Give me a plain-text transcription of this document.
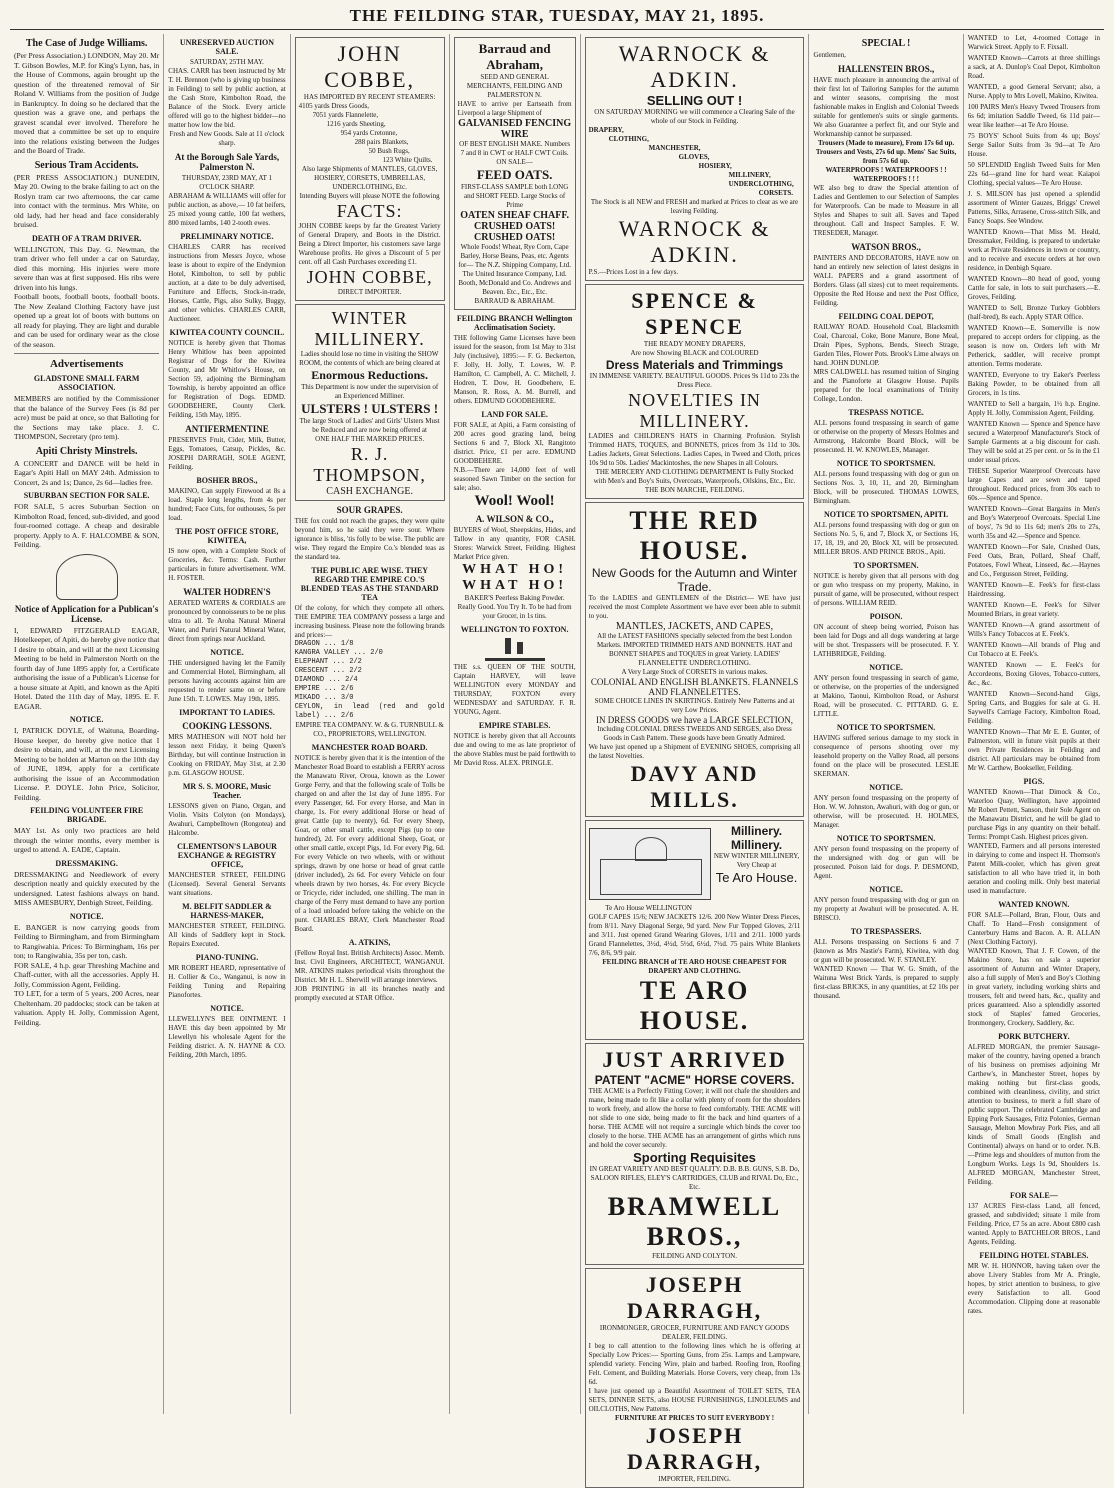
THE FEILDING STAR, TUESDAY, MAY 21, 1895.
The Case of Judge Williams.
(Per Press Association.) LONDON, May 20. Mr T. Gibson Bowles, M.P. for King's Lynn, has, in the House of Commons, again brought up the question of the threatened removal of Sir Roland V. Williams from the position of Judge in Bankruptcy. In doing so he declared that the question was a grave one, and perhaps the gravest scandal ever involved. Therefore he moved that a committee be set up to enquire into the relations existing between the Judges and the Board of Trade.
Serious Tram Accidents.
(PER PRESS ASSOCIATION.) DUNEDIN, May 20. Owing to the brake failing to act on the Roslyn tram car two afternoons, the car came into contact with the terminus. Mrs White, on old lady, had her head and face considerably bruised.
DEATH OF A TRAM DRIVER.
WELLINGTON, This Day. G. Newman, the tram driver who fell under a car on Saturday, died this morning. His injuries were more severe than was at first supposed. His ribs were driven into his lungs.
Football boots, football boots, football boots. The New Zealand Clothing Factory have just opened up a great lot of boots with buttons on all ready for playing. They are light and durable and can be used for ordinary wear as the close of the season.
Advertisements
GLADSTONE SMALL FARM ASSOCIATION.
MEMBERS are notified by the Commissioner that the balance of the Survey Fees (is 8d per acre) must be paid at once, so that Balloting for the Sections may take place. J. C. THOMPSON, Secretary (pro tem).
Apiti Christy Minstrels.
A CONCERT and DANCE will be held in Eagar's Apiti Hall on MAY 24th. Admission to Concert, 2s and 1s; Dance, 2s 6d—ladies free.
SUBURBAN SECTION FOR SALE.
FOR SALE, 5 acres Suburban Section on Kimbolton Road, fenced, sub-divided, and good four-roomed cottage. A cheap and desirable property. Apply to A. F. HALCOMBE & SON, Feilding.
Notice of Application for a Publican's License.
I, EDWARD FITZGERALD EAGAR, Hotelkeeper, of Apiti, do hereby give notice that I desire to obtain, and will at the next Licensing Meeting to be held in Palmerston North on the fourth day of June 1895 apply for, a Certificate authorising the issue of a Publican's License for a house situate at Apiti, and known as the Apiti Hotel. Dated the 11th day of May, 1895. E. F. EAGAR.
NOTICE.
I, PATRICK DOYLE, of Waituna, Boarding-House keeper, do hereby give notice that I desire to obtain, and will, at the next Licensing Meeting to be holden at Marton on the 10th day of JUNE, 1894, apply for a certificate authorising the issue of an Accommodation License. P. DOYLE. John Price, Solicitor, Feilding.
FEILDING VOLUNTEER FIRE BRIGADE.
MAY 1st. As only two practices are held through the winter months, every member is urged to attend. A. EADE, Captain.
DRESSMAKING.
DRESSMAKING and Needlework of every description neatly and quickly executed by the undersigned. Latest fashions always on hand. MISS AMESBURY, Denbigh Street, Feilding.
NOTICE.
E. BANGER is now carrying goods from Feilding to Birmingham, and from Birmingham to Rangiwahia. Prices: To Birmingham, 16s per ton; to Rangiwahia, 35s per ton, cash.
FOR SALE, 4 h.p. gear Threshing Machine and Chaff-cutter, with all the accessories. Apply H. Jolly, Commission Agent, Feilding.
TO LET, for a term of 5 years, 200 Acres, near Cheltenham. 20 paddocks; stock can be taken at valuation. Apply H. Jolly, Commission Agent, Feilding.
UNRESERVED AUCTION SALE.
SATURDAY, 25TH MAY.
CHAS. CARR has been instructed by Mr T. H. Brennon (who is giving up business in Feilding) to sell by public auction, at the Cash Store, Kimbolton Road, the Balance of the Stock. Every article offered will go to the highest bidder—no matter how low the bid.
Fresh and New Goods. Sale at 11 o'clock sharp.
At the Borough Sale Yards, Palmerston N.
THURSDAY, 23RD MAY, AT 1 O'CLOCK SHARP.
ABRAHAM & WILLIAMS will offer for public auction, as above,— 10 fat heifers, 25 mixed young cattle, 100 fat wethers, 800 mixed lambs, 140 2-tooth ewes.
PRELIMINARY NOTICE.
CHARLES CARR has received instructions from Messrs Joyce, whose lease is about to expire of the Endymion Hotel, Kimbolton, to sell by public auction, at a date to be duly advertised, Furniture and Effects, Stock-in-trade, Horses, Cattle, Pigs, also Sulky, Buggy, and other vehicles. CHARLES CARR, Auctioneer.
KIWITEA COUNTY COUNCIL.
NOTICE is hereby given that Thomas Henry Whitlow has been appointed Registrar of Dogs for the Kiwitea County, and Mr Whitlow's House, on Section 59, adjoining the Birmingham Township, is hereby appointed an office for Registration of Dogs. EDMD. GOODBEHERE, County Clerk. Feilding, 15th May, 1895.
ANTIFERMENTINE
PRESERVES Fruit, Cider, Milk, Butter, Eggs, Tomatoes, Catsup, Pickles, &c. JOSEPH DARRAGH, SOLE AGENT, Feilding.
BOSHER BROS.,
MAKINO, Can supply Firewood at 8s a load. Staple long lengths, from 4s per hundred; Face Cuts, for outhouses, 5s per load.
THE POST OFFICE STORE, KIWITEA,
IS now open, with a Complete Stock of Groceries, &c. Terms: Cash. Further particulars in future advertisement. WM. H. FOSTER.
WALTER HODREN'S
AERATED WATERS & CORDIALS are pronounced by connoisseurs to be ne plus ultra to all. Te Aroha Natural Mineral Water, and Puriri Natural Mineral Water, direct from springs near Auckland.
NOTICE.
THE undersigned having let the Family and Commercial Hotel, Birmingham, all persons having accounts against him are requested to render same on or before June 15th. T. LOWES. May 19th, 1895.
IMPORTANT TO LADIES.
COOKING LESSONS.
MRS MATHESON will NOT hold her lesson next Friday, it being Queen's Birthday, but will continue Instruction in Cooking on FRIDAY, May 31st, at 2.30 p.m. GLASGOW HOUSE.
MR S. S. MOORE, Music Teacher.
LESSONS given on Piano, Organ, and Violin. Visits Colyton (on Mondays), Awahuri, Campbelltown (Rongotea) and Halcombe.
CLEMENTSON'S LABOUR EXCHANGE & REGISTRY OFFICE,
MANCHESTER STREET, FEILDING (Licensed). Several General Servants want situations.
M. BELFIT SADDLER & HARNESS-MAKER,
MANCHESTER STREET, FEILDING. All kinds of Saddlery kept in Stock. Repairs Executed.
PIANO-TUNING.
MR ROBERT HEARD, representative of H. Collier & Co., Wanganui, is now in Feilding Tuning and Repairing Pianofortes.
NOTICE.
LLEWELLYN'S BEE OINTMENT. I HAVE this day been appointed by Mr Llewellyn his wholesale Agent for the Feilding district. A. N. HAYNE & CO. Feilding, 20th March, 1895.
JOHN COBBE,
HAS IMPORTED BY RECENT STEAMERS:
4105 yards Dress Goods,
7051 yards Flannelette,
1216 yards Sheeting,
954 yards Cretonne,
288 pairs Blankets,
50 Bush Rugs,
123 White Quilts.
Also large Shipments of MANTLES, GLOVES, HOSIERY, CORSETS, UMBRELLAS, UNDERCLOTHING, Etc.
Intending Buyers will please NOTE the following
FACTS:
JOHN COBBE keeps by far the Greatest Variety of General Drapery, and Boots in the District. Being a Direct Importer, his customers save large Warehouse profits. He gives a Discount of 5 per cent. off all Cash Purchases exceeding £1.
JOHN COBBE,
DIRECT IMPORTER.
WINTER MILLINERY.
Ladies should lose no time in visiting the SHOW ROOM, the contents of which are being cleared at
Enormous Reductions.
This Department is now under the supervision of an Experienced Milliner.
ULSTERS ! ULSTERS !
The large Stock of Ladies' and Girls' Ulsters Must be Reduced and are now being offered at
ONE HALF THE MARKED PRICES.
R. J. THOMPSON,
CASH EXCHANGE.
SOUR GRAPES.
THE fox could not reach the grapes, they were quite beyond him, so he said they were sour. Where ignorance is bliss, 'tis folly to be wise. The public are wise. They regard the Empire Co.'s blended teas as the standard tea.
THE PUBLIC ARE WISE. THEY REGARD THE EMPIRE CO.'S BLENDED TEAS AS THE STANDARD TEA
Of the colony, for which they compete all others. THE EMPIRE TEA COMPANY possess a large and increasing business. Please note the following brands and prices:—
DRAGON ... 1/8
KANGRA VALLEY ... 2/0
ELEPHANT ... 2/2
CRESCENT ... 2/2
DIAMOND ... 2/4
EMPIRE ... 2/6
MIKADO ... 3/0
CEYLON, in lead (red and gold label) ... 2/6
EMPIRE TEA COMPANY. W. & G. TURNBULL & CO., PROPRIETORS, WELLINGTON.
MANCHESTER ROAD BOARD.
NOTICE is hereby given that it is the intention of the Manchester Road Board to establish a FERRY across the Manawatu River, Oroua, known as the Lower Gorge Ferry, and that the following scale of Tolls be charged on and after the 1st day of June 1895. For every Passenger, 6d. For every Horse, and Man in charge, 1s. For every additional Horse or head of great Cattle (up to twenty), 6d. For every Sheep, Goat, or other small cattle, except Pigs (up to one hundred), 2d. For every additional Sheep, Goat, or other small cattle, except Pigs, 1d. For every Pig, 6d. For every Vehicle on two wheels, with or without springs, drawn by one horse or head of great cattle (driver included), 2s 6d. For every Vehicle on four wheels drawn by two horses, 4s. For every Bicycle or Tricycle, rider included, one shilling. The man in charge of the Ferry must demand to have any portion of a load unloaded before taking the vehicle on the punt. CHARLES BRAY, Clerk Manchester Road Board.
A. ATKINS,
(Fellow Royal Inst. British Architects) Assoc. Memb. Inst. Civil Engineers, ARCHITECT, WANGANUI. MR. ATKINS makes periodical visits throughout the District. Mr H. L. Sherwill will arrange interviews.
JOB PRINTING in all its branches neatly and promptly executed at STAR Office.
Barraud and Abraham,
SEED AND GENERAL MERCHANTS, FEILDING AND PALMERSTON N.
HAVE to arrive per Eartseath from Liverpool a large Shipment of
GALVANISED FENCING WIRE
OF BEST ENGLISH MAKE. Numbers 7 and 8 in CWT or HALF CWT Coils.
ON SALE—
FEED OATS.
FIRST-CLASS SAMPLE both LONG and SHORT FEED. Large Stocks of Prime
OATEN SHEAF CHAFF.
CRUSHED OATS!
CRUSHED OATS!
Whole Foods! Wheat, Rye Corn, Cape Barley, Horse Beans, Peas, etc. Agents for— The N.Z. Shipping Company, Ltd. The United Insurance Company, Ltd. Booth, McDonald and Co. Andrews and Beaven. Etc., Etc., Etc.
BARRAUD & ABRAHAM.
FEILDING BRANCH Wellington Acclimatisation Society.
THE following Game Licenses have been issued for the season, from 1st May to 31st July (inclusive), 1895:— F. G. Beckerton, F. Jolly, H. Jolly, T. Lowes, W. P. Hamilton, C. Campbell, A. C. Mitchell, J. Hodren, T. Dow, H. Goodbehere, E. Manson, R. Ross, A. M. Burrell, and others. EDMUND GOODBEHERE.
LAND FOR SALE.
FOR SALE, at Apiti, a Farm consisting of 200 acres good grazing land, being Sections 6 and 7, Block XI, Rangitoto district. Price, £1 per acre. EDMUND GOODBEHERE.
N.B.—There are 14,000 feet of well seasoned Sawn Timber on the section for sale; also.
Wool! Wool!
A. WILSON & CO.,
BUYERS of Wool, Sheepskins, Hides, and Tallow in any quantity, FOR CASH. Stores: Warwick Street, Feilding. Highest Market Price given.
WHAT HO! WHAT HO!
BAKER'S Peerless Baking Powder.
Really Good. You Try It. To be had from your Grocer, in 1s tins.
WELLINGTON TO FOXTON.
THE s.s. QUEEN OF THE SOUTH, Captain HARVEY, will leave WELLINGTON every MONDAY and THURSDAY, FOXTON every WEDNESDAY and SATURDAY. F. R. YOUNG, Agent.
EMPIRE STABLES.
NOTICE is hereby given that all Accounts due and owing to me as late proprietor of the above Stables must be paid forthwith to Mr David Ross. ALEX. PRINGLE.
WARNOCK & ADKIN.
SELLING OUT !
ON SATURDAY MORNING we will commence a Clearing Sale of the whole of our Stock in Feilding.
DRAPERY,
CLOTHING,
MANCHESTER,
GLOVES,
HOSIERY,
MILLINERY,
UNDERCLOTHING,
CORSETS.
The Stock is all NEW and FRESH and marked at Prices to clear as we are leaving Feilding.
WARNOCK & ADKIN.
P.S.—Prices Lost in a few days.
SPENCE & SPENCE
THE READY MONEY DRAPERS,
Are now Showing BLACK and COLOURED
Dress Materials and Trimmings
IN IMMENSE VARIETY. BEAUTIFUL GOODS. Prices 9s 11d to 23s the Dress Piece.
NOVELTIES IN MILLINERY.
LADIES and CHILDREN'S HATS in Charming Profusion. Stylish Trimmed HATS, TOQUES, and BONNETS, prices from 3s 11d to 30s. Ladies Jackets, Great Selections. Ladies Capes, in Tweed and Cloth, prices 10s 9d to 50s. Ladies' Mackintoshes, the new Shapes in all Colours.
THE MERCERY AND CLOTHING DEPARTMENT Is Fully Stocked with Men's and Boy's Suits, Overcoats, Waterproofs, Oilskins, Etc., Etc.
THE BON MARCHE, FEILDING.
THE RED HOUSE.
New Goods for the Autumn and Winter Trade.
To the LADIES and GENTLEMEN of the District— WE have just received the most Complete Assortment we have ever been able to submit to you.
MANTLES, JACKETS, AND CAPES,
All the LATEST FASHIONS specially selected from the best London Markets. IMPORTED TRIMMED HATS AND BONNETS. HAT and BONNET SHAPES and TOQUES in great Variety. LADIES' FLANNELETTE UNDERCLOTHING.
A Very Large Stock of CORSETS in various makes.
COLONIAL AND ENGLISH BLANKETS. FLANNELS AND FLANNELETTES.
SOME CHOICE LINES IN SKIRTINGS. Entirely New Patterns and at very Low Prices.
IN DRESS GOODS we have a LARGE SELECTION,
Including COLONIAL DRESS TWEEDS AND SERGES, also Dress Goods in Cash Pattern. These goods have been Greatly Admired.
We have just opened up a Shipment of EVENING SHOES, comprising all the latest Novelties.
DAVY AND MILLS.
Te Aro House WELLINGTON
Millinery. Millinery.
NEW WINTER MILLINERY,
Very Cheap at
Te Aro House.
GOLF CAPES 15/6; NEW JACKETS 12/6. 200 New Winter Dress Pieces, from 8/11. Navy Diagonal Serge, 9d yard. New Fur Topped Gloves, 2/11 and 3/11. Just opened Grand Wearing Gloves, 1/11 and 2/11. 1000 yards Grand Flannelettes, 3½d, 4½d, 5½d, 6½d, 7½d. 75 pairs White Blankets 7/6, 8/6, 9/9 pair.
FEILDING BRANCH of TE ARO HOUSE CHEAPEST FOR DRAPERY AND CLOTHING.
TE ARO HOUSE.
JUST ARRIVED
PATENT "ACME" HORSE COVERS.
THE ACME is a Perfectly Fitting Cover; it will not chafe the shoulders and mane, being made to fit like a collar with plenty of room for the shoulders to work freely, and allow the horse to feed comfortably. THE ACME will not slide to one side, being made to fit the back and hind quarters of a horse. THE ACME will not require a surcingle which binds the cover too closely to the horse. THE ACME has an arrangement of girths which runs and hold the cover securely.
Sporting Requisites
IN GREAT VARIETY AND BEST QUALITY. D.B. B.B. GUNS, S.B. Do, SALOON RIFLES, ELEY'S CARTRIDGES, CLUB and RIVAL Do, Etc., Etc.
BRAMWELL BROS.,
FEILDING AND COLYTON.
JOSEPH DARRAGH,
IRONMONGER, GROCER, FURNITURE AND FANCY GOODS DEALER, FEILDING.
I beg to call attention to the following lines which he is offering at Specially Low Prices:— Sporting Guns, from 25s. Lamps and Lampware, splendid variety. Fencing Wire, plain and barbed. Roofing Iron, Roofing Felt. Cement, and Building Materials. Horse Covers, very cheap, from 13s 6d.
I have just opened up a Beautiful Assortment of TOILET SETS, TEA SETS, DINNER SETS, also HOUSE FURNISHINGS, LINOLEUMS and OILCLOTHS, New Patterns.
FURNITURE AT PRICES TO SUIT EVERYBODY !
JOSEPH DARRAGH,
IMPORTER, FEILDING.
SPECIAL !
Gentlemen,
HALLENSTEIN BROS.,
HAVE much pleasure in announcing the arrival of their first lot of Tailoring Samples for the autumn and winter seasons, comprising the most fashionable makes in English and Colonial Tweeds suitable for gentlemen's suits or single garments. We also Guarantee a perfect fit, and our Style and Workmanship cannot be surpassed.
Trousers (Made to measure), From 17s 6d up. Trousers and Vests, 27s 6d up. Mens' Sac Suits, from 57s 6d up.
WATERPROOFS ! WATERPROOFS ! ! WATERPROOFS ! ! !
WE also beg to draw the Special attention of Ladies and Gentlemen to our Selection of Samples for Waterproofs. Can be made to Measure in all Styles and Shapes to suit all. Saves and Taped throughout. Call and Inspect Samples. F. W. TRESEDER, Manager.
WATSON BROS.,
PAINTERS AND DECORATORS, HAVE now on hand an entirely new selection of latest designs in WALL PAPERS and a grand assortment of Borders. Glass (all sizes) cut to meet requirements. Opposite the Red House and next the Post Office, Feilding.
FEILDING COAL DEPOT,
RAILWAY ROAD. Household Coal, Blacksmith Coal, Charcoal, Coke, Bone Manure, Bone Meal, Drain Pipes, Syphons, Bends, Steech Strage, Garden Tiles, Flower Pots. Brook's Lime always on hand. JOHN DUNLOP.
MRS CALDWELL has resumed tuition of Singing and the Pianoforte at Glasgow House. Pupils prepared for the local examinations of Trinity College, London.
TRESPASS NOTICE.
ALL persons found trespassing in search of game or otherwise on the property of Messrs Holmes and Armstrong, Halcombe Board Block, will be prosecuted. H. W. KNOWLES, Manager.
NOTICE TO SPORTSMEN.
ALL persons found trespassing with dog or gun on Sections Nos. 3, 10, 11, and 20, Birmingham Block, will be prosecuted. THOMAS LOWES, Birmingham.
NOTICE TO SPORTSMEN, APITI.
ALL persons found trespassing with dog or gun on Sections No. 5, 6, and 7, Block X, or Sections 16, 17, 18, 19, and 20, Block XI, will be prosecuted. MILLER BROS. AND PRINCE BROS., Apiti.
TO SPORTSMEN.
NOTICE is hereby given that all persons with dog or gun who trespass on my property, Makino, in pursuit of game, will be prosecuted, without respect of persons. WILLIAM REID.
POISON.
ON account of sheep being worried, Poison has been laid for Dogs and all dogs wandering at large will be shot. Trespassers will be prosecuted. F. Y. LATHBRIDGE, Feilding.
NOTICE.
ANY person found trespassing in search of game, or otherwise, on the properties of the undersigned at Makino, Taonui, Kimbolton Road, or Ashurst Road, will be prosecuted. C. PITTARD. G. E. LITTLE.
NOTICE TO SPORTSMEN.
HAVING suffered serious damage to my stock in consequence of persons shooting over my leasehold property on the Valley Road, all persons found on the place will be prosecuted. LESLIE SKERMAN.
NOTICE.
ANY person found trespassing on the property of Hon. W. W. Johnston, Awahuri, with dog or gun, or otherwise, will be prosecuted. H. HOLMES, Manager.
NOTICE TO SPORTSMEN.
ANY person found trespassing on the property of the undersigned with dog or gun will be prosecuted. Poison laid for dogs. P. DESMOND, Agent.
NOTICE.
ANY person found trespassing with dog or gun on my property at Awahuri will be prosecuted. A. H. BRISCO.
TO TRESPASSERS.
ALL Persons trespassing on Sections 6 and 7 (known as Mrs Nastie's Farm), Kiwitea, with dog or gun will be prosecuted. W. F. STANLEY.
WANTED Known — That W. G. Smith, of the Waituna West Brick Yards, is prepared to supply first-class BRICKS, in any quantities, at £2 10s per thousand.
WANTED to Let, 4-roomed Cottage in Warwick Street. Apply to F. Fixsall.
WANTED Known—Carrots at three shillings a sack, at A. Dunlop's Coal Depot, Kimbolton Road.
WANTED, a good General Servant; also, a Nurse. Apply to Mrs Lovell, Makino, Kiwitea.
100 PAIRS Men's Heavy Tweed Trousers from 6s 6d; imitation Saddle Tweed, 6s 11d pair—wear like leather—at Te Aro House.
75 BOYS' School Suits from 4s up; Boys' Serge Sailor Suits from 3s 9d—at Te Aro House.
50 SPLENDID English Tweed Suits for Men 22s 6d—grand line for hard wear. Kaiapoi Clothing, special values—Te Aro House.
J. S. MILSON has just opened a splendid assortment of Winter Gauzes, Briggs' Crewel Patterns, Silks, Arrasene, Cross-stitch Silk, and Fancy Soaps. See Window.
WANTED Known—That Miss M. Heald, Dressmaker, Feilding, is prepared to undertake work at Private Residences in town or country, and to receive and execute orders at her own residence, in Denbigh Square.
WANTED Known—80 head of good, young Cattle for sale, in lots to suit purchasers.—E. Groves, Feilding.
WANTED to Sell, Bronze Turkey Gobblers (half-bred), 8s each. Apply STAR Office.
WANTED Known—E. Somerville is now prepared to accept orders for clipping, as the season is now on. Orders left with Mr Petherick, saddler, will receive prompt attention. Terms moderate.
WANTED, Everyone to try Eaker's Peerless Baking Powder, to be obtained from all Grocers, in 1s tins.
WANTED to Sell a bargain, 1½ h.p. Engine. Apply H. Jolly, Commission Agent, Feilding.
WANTED Known — Spence and Spence have secured a Waterproof Manufacturer's Stock of Sample Garments at a big discount for cash. They will be sold at 25 per cent. or 5s in the £1 under usual prices.
THESE Superior Waterproof Overcoats have large Capes and are sewn and taped throughout. Reduced prices, from 30s each to 60s.—Spence and Spence.
WANTED Known—Great Bargains in Men's and Boy's Waterproof Overcoats. Special Line of boys', 7s 9d to 11s 6d; men's 20s to 27s, worth 35s and 42.—Spence and Spence.
WANTED Known—For Sale, Crushed Oats, Feed Oats, Bran, Pollard, Sheaf Chaff, Potatoes, Fowl Wheat, Linseed, &c.—Haynes and Co., Fergusson Street, Feilding.
WANTED Known—E. Feek's for first-class Hairdressing.
WANTED Known—E. Feek's for Silver Mounted Briars, in great variety.
WANTED Known—A grand assortment of Wills's Fancy Tobaccos at E. Feek's.
WANTED Known—All brands of Plug and Cut Tobacco at E. Feek's.
WANTED Known — E. Feek's for Accordeons, Boxing Gloves, Tobacco-cutters, &c., &c.
WANTED Known—Second-hand Gigs, Spring Carts, and Buggies for sale at G. H. Saywell's Carriage Factory, Kimbolton Road, Feilding.
WANTED Known—That Mr E. E. Gunter, of Palmerston, will in future visit pupils at their own Private Residences in Feilding and district. All particulars may be obtained from Mr W. Carthew, Bookseller, Feilding.
PIGS.
WANTED Known—That Dimock & Co., Waterloo Quay, Wellington, have appointed Mr Robert Pettett, Sanson, their Sole Agent on the Manawatu District, and he will be glad to purchase Pigs in any quantity on their behalf. Terms: Prompt Cash. Highest prices given.
WANTED, Farmers and all persons interested in dairying to come and inspect H. Thomson's Patent Milk-cooler, which has given great satisfaction to all who have tried it, in both aeration and cooling milk. Only best material used in manufacture.
WANTED KNOWN.
FOR SALE—Pollard, Bran, Flour, Oats and Chaff. To Hand—Fresh consignment of Canterbury Hams and Bacon. A. R. ALLAN (Next Clothing Factory).
WANTED Known, That J. F. Cowen, of the Makino Store, has on sale a superior assortment of Autumn and Winter Drapery, also a full supply of Men's and Boy's Clothing in great variety, including working shirts and trousers, felt and tweed hats, &c., quality and prices guaranteed. Also a splendidly assorted stock of Staples' famed Groceries, Ironmongery, Crockery, Saddlery, &c.
PORK BUTCHERY.
ALFRED MORGAN, the premier Sausage-maker of the country, having opened a branch of his business on premises adjoining Mr Carthew's, in Manchester Street, hopes by making nothing but first-class goods, combined with cleanliness, civility, and strict attention to business, to merit a full share of public support. The celebrated Cambridge and Epping Pork Sausages, Fritz Polonies, German Sausage, Melton Mowbray Pork Pies, and all kinds of Small Goods (English and Continental) always on hand or to order. N.B.—Prime legs and shoulders of mutton from the Longburn Works. Legs 1s 9d, Shoulders 1s. ALFRED MORGAN, Manchester Street, Feilding.
FOR SALE—
137 ACRES First-class Land, all fenced, grassed, and subdivided; situate 1 mile from Feilding. Price, £7 5s an acre. About £800 cash wanted. Apply to BATCHELOR BROS., Land Agents, Feilding.
FEILDING HOTEL STABLES.
MR W. H. HONNOR, having taken over the above Livery Stables from Mr A. Pringle, hopes, by strict attention to business, to give every Satisfaction to all. Good Accommodation. Clipping done at reasonable rates.
